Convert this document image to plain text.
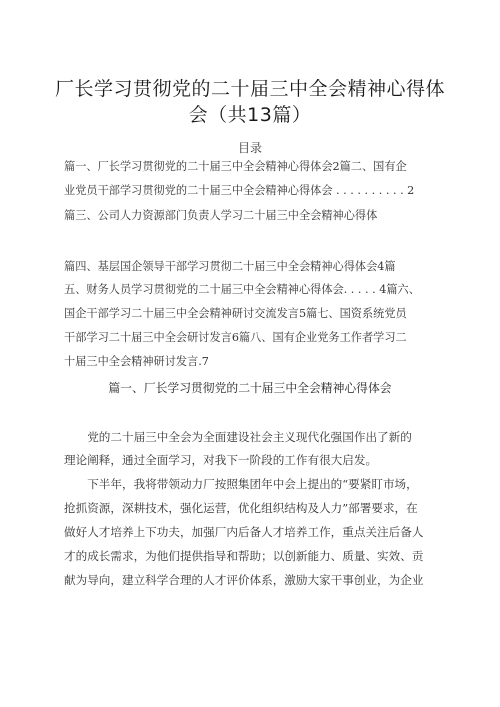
厂长学习贯彻党的二十届三中全会精神心得体
会（共13篇）
目录
篇一、厂长学习贯彻党的二十届三中全会精神心得体会2篇二、国有企
业党员干部学习贯彻党的二十届三中全会精神心得体会 . . . . . . . . . . 2
篇三、公司人力资源部门负责人学习二十届三中全会精神心得体
篇四、基层国企领导干部学习贯彻二十届三中全会精神心得体会4篇
五、财务人员学习贯彻党的二十届三中全会精神心得体会. . . . . 4篇六、
国企干部学习二十届三中全会精神研讨交流发言5篇七、国资系统党员
干部学习二十届三中全会研讨发言6篇八、国有企业党务工作者学习二
十届三中全会精神研讨发言.7
篇一、厂长学习贯彻党的二十届三中全会精神心得体会
　　党的二十届三中全会为全面建设社会主义现代化强国作出了新的
理论阐释，通过全面学习，对我下一阶段的工作有很大启发。
　　下半年，我将带领动力厂按照集团年中会上提出的“要紧盯市场，
抢抓资源，深耕技术，强化运营，优化组织结构及人力”部署要求，在
做好人才培养上下功夫，加强厂内后备人才培养工作，重点关注后备人
才的成长需求，为他们提供指导和帮助；以创新能力、质量、实效、贡
献为导向，建立科学合理的人才评价体系，激励大家干事创业，为企业
